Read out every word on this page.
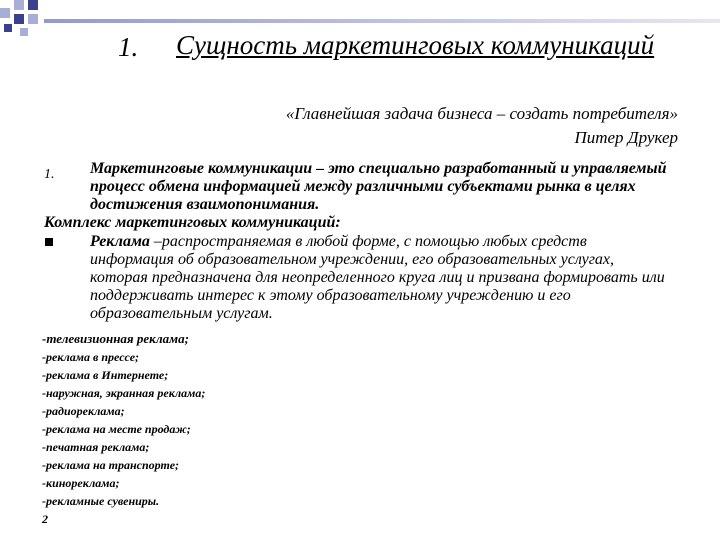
1. Сущность маркетинговых коммуникаций
«Главнейшая задача бизнеса – создать потребителя»
Питер Друкер
1. Маркетинговые коммуникации – это специально разработанный и управляемый процесс обмена информацией между различными субъектами рынка в целях достижения взаимопонимания.
Комплекс маркетинговых коммуникаций:
Реклама –распространяемая в любой форме, с помощью любых средств информация об образовательном учреждении, его образовательных услугах, которая предназначена для неопределенного круга лиц и призвана формировать или поддерживать интерес к этому образовательному учреждению и его образовательным услугам.
-телевизионная реклама;
-реклама в прессе;
-реклама в Интернете;
-наружная, экранная реклама;
-радиореклама;
-реклама на месте продаж;
-печатная реклама;
-реклама на транспорте;
-кинореклама;
-рекламные сувениры.
2
